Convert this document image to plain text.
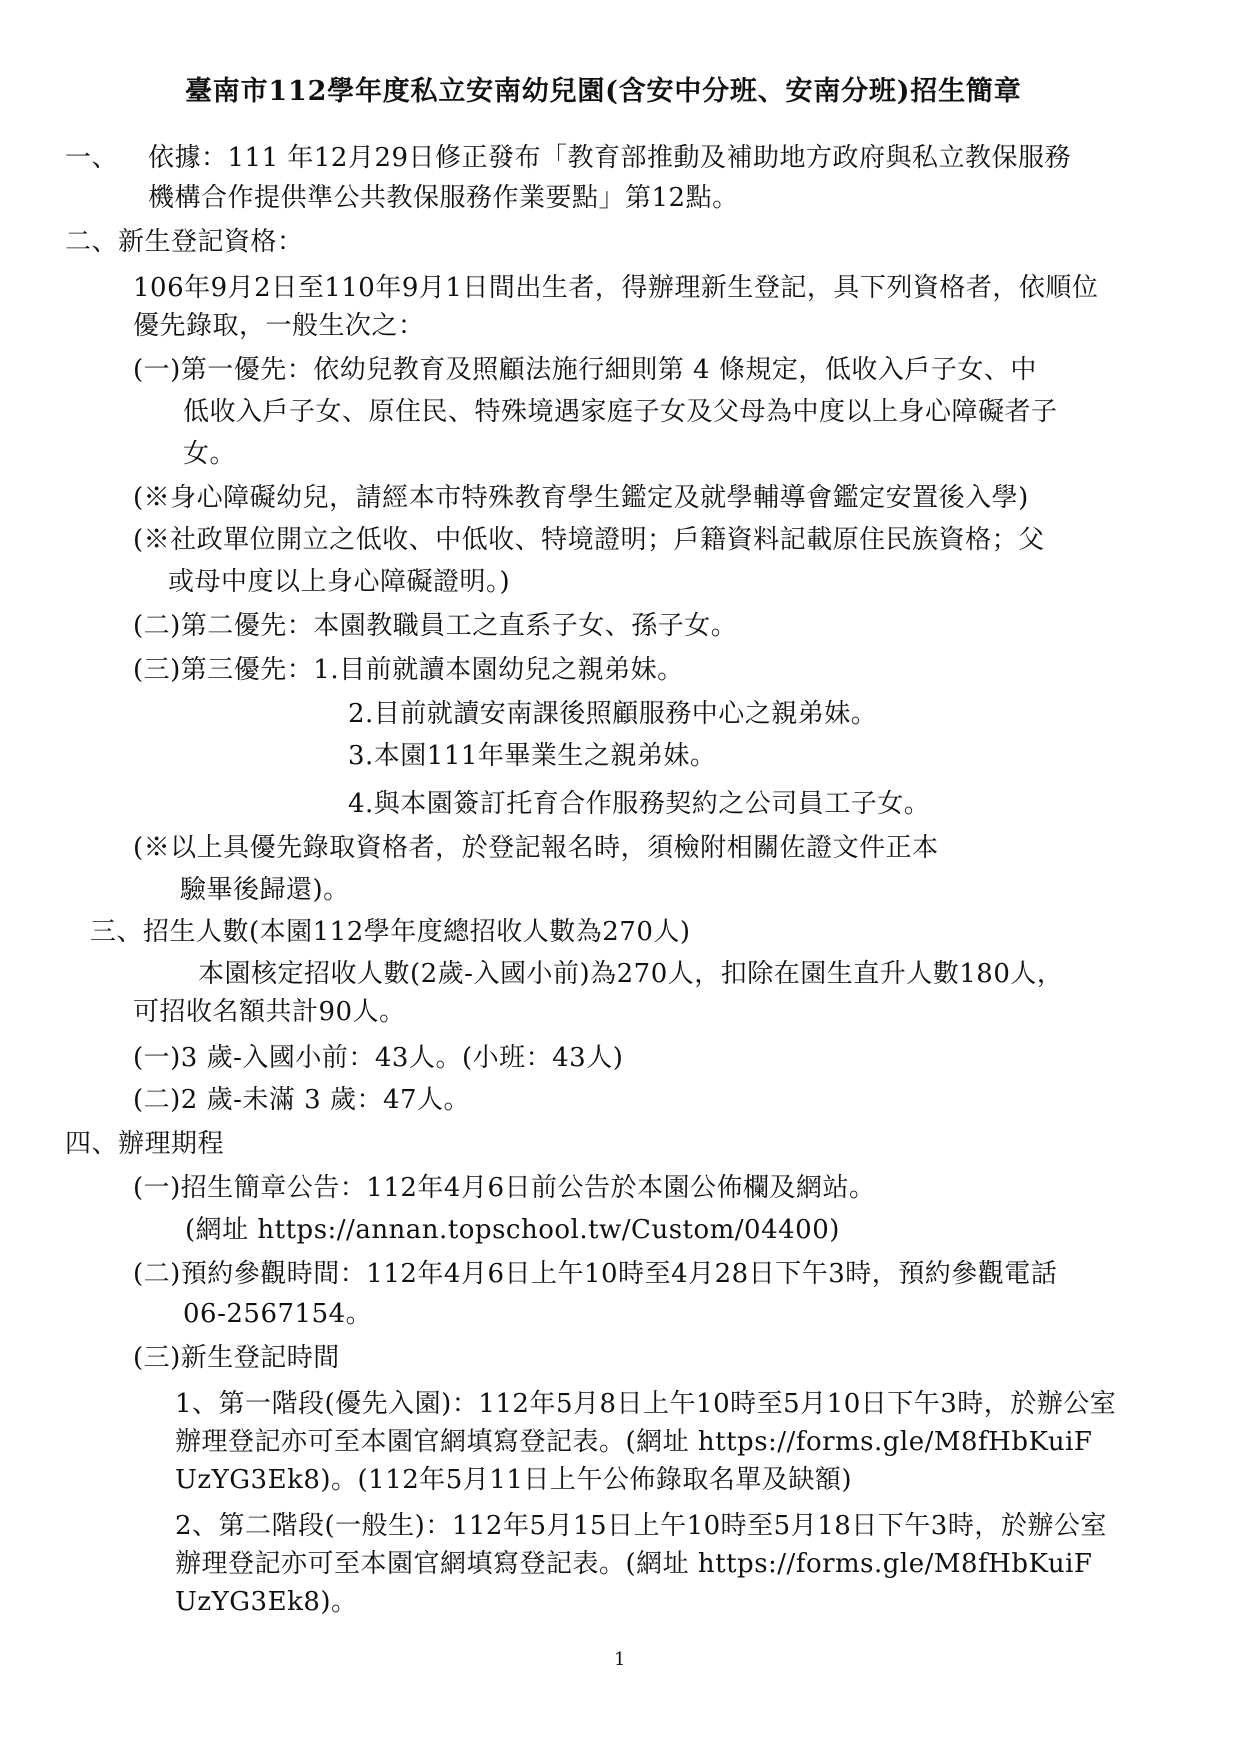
臺南市112學年度私立安南幼兒園(含安中分班、安南分班)招生簡章
一、 依據：111 年12月29日修正發布「教育部推動及補助地方政府與私立教保服務
機構合作提供準公共教保服務作業要點」第12點。
二、新生登記資格：
106年9月2日至110年9月1日間出生者，得辦理新生登記，具下列資格者，依順位
優先錄取，一般生次之：
(一)第一優先：依幼兒教育及照顧法施行細則第 4 條規定，低收入戶子女、中
低收入戶子女、原住民、特殊境遇家庭子女及父母為中度以上身心障礙者子
女。
(※身心障礙幼兒，請經本市特殊教育學生鑑定及就學輔導會鑑定安置後入學)
(※社政單位開立之低收、中低收、特境證明；戶籍資料記載原住民族資格；父
或母中度以上身心障礙證明。)
(二)第二優先：本園教職員工之直系子女、孫子女。
(三)第三優先：1.目前就讀本園幼兒之親弟妹。
2.目前就讀安南課後照顧服務中心之親弟妹。
3.本園111年畢業生之親弟妹。
4.與本園簽訂托育合作服務契約之公司員工子女。
(※以上具優先錄取資格者，於登記報名時，須檢附相關佐證文件正本
驗畢後歸還)。
三、招生人數(本園112學年度總招收人數為270人)
本園核定招收人數(2歲-入國小前)為270人，扣除在園生直升人數180人，
可招收名額共計90人。
(一)3 歲-入國小前：43人。(小班：43人)
(二)2 歲-未滿 3 歲：47人。
四、辦理期程
(一)招生簡章公告：112年4月6日前公告於本園公佈欄及網站。
(網址 https://annan.topschool.tw/Custom/04400)
(二)預約參觀時間：112年4月6日上午10時至4月28日下午3時，預約參觀電話
06-2567154。
(三)新生登記時間
1、第一階段(優先入園)：112年5月8日上午10時至5月10日下午3時，於辦公室
辦理登記亦可至本園官網填寫登記表。(網址 https://forms.gle/M8fHbKuiF
UzYG3Ek8)。(112年5月11日上午公佈錄取名單及缺額)
2、第二階段(一般生)：112年5月15日上午10時至5月18日下午3時，於辦公室
辦理登記亦可至本園官網填寫登記表。(網址 https://forms.gle/M8fHbKuiF
UzYG3Ek8)。
1
